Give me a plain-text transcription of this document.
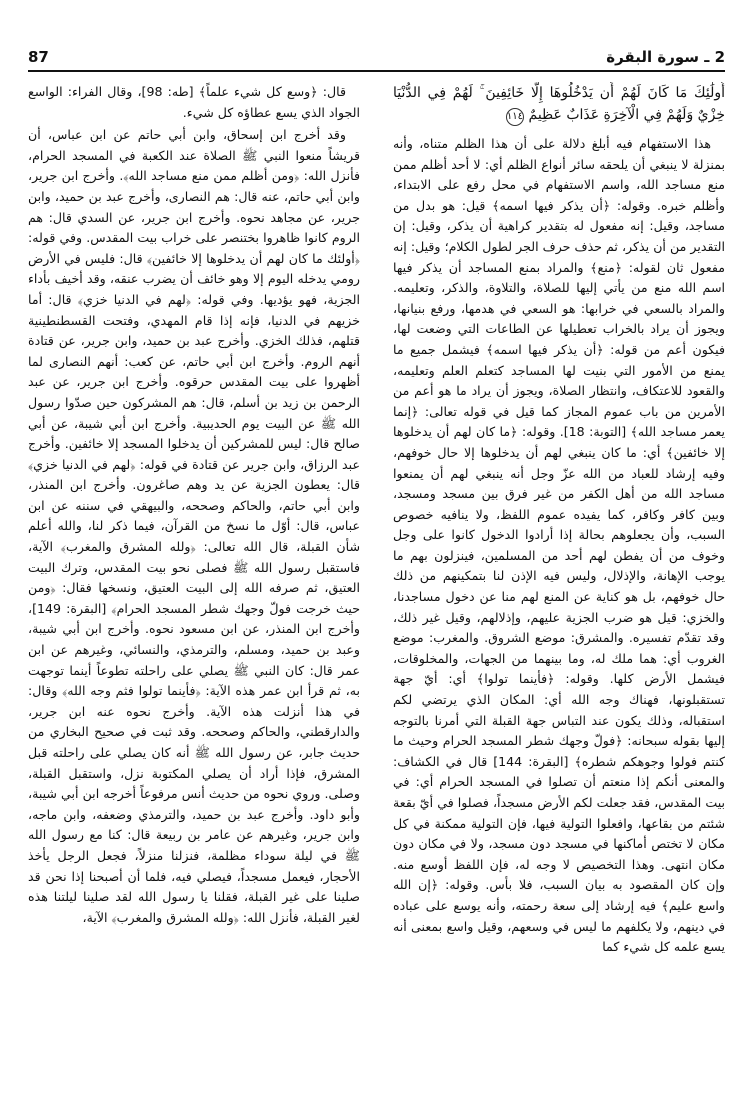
87	2 ـ سورة البقرة
أُولَٰئِكَ مَا كَانَ لَهُمْ أَن يَدْخُلُوهَا إِلَّا خَائِفِينَ ۚ لَهُمْ فِي الدُّنْيَا خِزْيٌ وَلَهُمْ فِي الْآخِرَةِ عَذَابٌ عَظِيمٌ ١١٤

هذا الاستفهام فيه أبلغ دلالة على أن هذا الظلم متناه، وأنه بمنزلة لا ينبغي أن يلحقه سائر أنواع الظلم أي: لا أحد أظلم ممن منع مساجد الله، واسم الاستفهام في محل رفع على الابتداء، وأظلم خبره. وقوله: ﴿أن يذكر فيها اسمه﴾ قيل: هو بدل من مساجد، وقيل: إنه مفعول له بتقدير كراهية أن يذكر، وقيل: إن التقدير من أن يذكر، ثم حذف حرف الجر لطول الكلام؛ وقيل: إنه مفعول ثان لقوله: ﴿منع﴾ والمراد بمنع المساجد أن يذكر فيها اسم الله منع من يأتي إليها للصلاة، والتلاوة، والذكر، وتعليمه. والمراد بالسعي في خرابها: هو السعي في هدمها، ورفع بنيانها، ويجوز أن يراد بالخراب تعطيلها عن الطاعات التي وضعت لها، فيكون أعم من قوله: ﴿أن يذكر فيها اسمه﴾ فيشمل جميع ما يمنع من الأمور التي بنيت لها المساجد كتعلم العلم وتعليمه، والقعود للاعتكاف، وانتظار الصلاة، ويجوز أن يراد ما هو أعم من الأمرين من باب عموم المجاز كما قيل في قوله تعالى: ﴿إنما يعمر مساجد الله﴾ [التوبة: 18]. وقوله: ﴿ما كان لهم أن يدخلوها إلا خائفين﴾ أي: ما كان ينبغي لهم أن يدخلوها إلا حال خوفهم، وفيه إرشاد للعباد من الله عزّ وجل أنه ينبغي لهم أن يمنعوا مساجد الله من أهل الكفر من غير فرق بين مسجد ومسجد، وبين كافر وكافر، كما يفيده عموم اللفظ، ولا ينافيه خصوص السبب، وأن يجعلوهم بحالة إذا أرادوا الدخول كانوا على وجل وخوف من أن يفطن لهم أحد من المسلمين، فينزلون بهم ما يوجب الإهانة، والإذلال، وليس فيه الإذن لنا بتمكينهم من ذلك حال خوفهم، بل هو كناية عن المنع لهم منا عن دخول مساجدنا، والخزي: قيل هو ضرب الجزية عليهم، وإذلالهم، وقيل غير ذلك، وقد تقدّم تفسيره. والمشرق: موضع الشروق. والمغرب: موضع الغروب أي: هما ملك له، وما بينهما من الجهات، والمخلوقات، فيشمل الأرض كلها. وقوله: ﴿فأينما تولوا﴾ أي: أيّ جهة تستقبلونها، فهناك وجه الله أي: المكان الذي يرتضي لكم استقباله، وذلك يكون عند التباس جهة القبلة التي أمرنا بالتوجه إليها بقوله سبحانه: ﴿فولّ وجهك شطر المسجد الحرام وحيث ما كنتم فولوا وجوهكم شطره﴾ [البقرة: 144] قال في الكشاف: والمعنى أنكم إذا منعتم أن تصلوا في المسجد الحرام أي: في بيت المقدس، فقد جعلت لكم الأرض مسجداً، فصلوا في أيّ بقعة شئتم من بقاعها، وافعلوا التولية فيها، فإن التولية ممكنة في كل مكان لا تختص أماكنها في مسجد دون مسجد، ولا في مكان دون مكان انتهى. وهذا التخصيص لا وجه له، فإن اللفظ أوسع منه. وإن كان المقصود به بيان السبب، فلا بأس. وقوله: ﴿إن الله واسع عليم﴾ فيه إرشاد إلى سعة رحمته، وأنه يوسع على عباده في دينهم، ولا يكلفهم ما ليس في وسعهم، وقيل واسع بمعنى أنه يسع علمه كل شيء كما

قال: ﴿وسع كل شيء علماً﴾ [طه: 98]، وقال الفراء: الواسع الجواد الذي يسع عطاؤه كل شيء.

وقد أخرج ابن إسحاق، وابن أبي حاتم عن ابن عباس، أن قريشاً منعوا النبي ﷺ الصلاة عند الكعبة في المسجد الحرام، فأنزل الله: ﴿ومن أظلم ممن منع مساجد الله﴾. وأخرج ابن جرير، وابن أبي حاتم، عنه قال: هم النصارى، وأخرج عبد بن حميد، وابن جرير، عن مجاهد نحوه. وأخرج ابن جرير، عن السدي قال: هم الروم كانوا ظاهروا بختنصر على خراب بيت المقدس. وفي قوله: ﴿أولئك ما كان لهم أن يدخلوها إلا خائفين﴾ قال: فليس في الأرض رومي يدخله اليوم إلا وهو خائف أن يضرب عنقه، وقد أخيف بأداء الجزية، فهو يؤديها. وفي قوله: ﴿لهم في الدنيا خزي﴾ قال: أما خزيهم في الدنيا، فإنه إذا قام المهدي، وفتحت القسطنطينية قتلهم، فذلك الخزي. وأخرج عبد بن حميد، وابن جرير، عن قتادة أنهم الروم. وأخرج ابن أبي حاتم، عن كعب: أنهم النصارى لما أظهروا على بيت المقدس حرقوه. وأخرج ابن جرير، عن عبد الرحمن بن زيد بن أسلم، قال: هم المشركون حين صدّوا رسول الله ﷺ عن البيت يوم الحديبية. وأخرج ابن أبي شيبة، عن أبي صالح قال: ليس للمشركين أن يدخلوا المسجد إلا خائفين. وأخرج عبد الرزاق، وابن جرير عن قتادة في قوله: ﴿لهم في الدنيا خزي﴾ قال: يعطون الجزية عن يد وهم صاغرون. وأخرج ابن المنذر، وابن أبي حاتم، والحاكم وصححه، والبيهقي في سننه عن ابن عباس، قال: أوّل ما نسخ من القرآن، فيما ذكر لنا، والله أعلم شأن القبلة، قال الله تعالى: ﴿ولله المشرق والمغرب﴾ الآية، فاستقبل رسول الله ﷺ فصلى نحو بيت المقدس، وترك البيت العتيق، ثم صرفه الله إلى البيت العتيق، ونسخها فقال: ﴿ومن حيث خرجت فولّ وجهك شطر المسجد الحرام﴾ [البقرة: 149]، وأخرج ابن المنذر، عن ابن مسعود نحوه. وأخرج ابن أبي شيبة، وعبد بن حميد، ومسلم، والترمذي، والنسائي، وغيرهم عن ابن عمر قال: كان النبي ﷺ يصلي على راحلته تطوعاً أينما توجهت به، ثم قرأ ابن عمر هذه الآية: ﴿فأينما تولوا فثم وجه الله﴾ وقال: في هذا أنزلت هذه الآية. وأخرج نحوه عنه ابن جرير، والدارقطني، والحاكم وصححه. وقد ثبت في صحيح البخاري من حديث جابر، عن رسول الله ﷺ أنه كان يصلي على راحلته قبل المشرق، فإذا أراد أن يصلي المكتوبة نزل، واستقبل القبلة، وصلى. وروي نحوه من حديث أنس مرفوعاً أخرجه ابن أبي شيبة، وأبو داود. وأخرج عبد بن حميد، والترمذي وضعفه، وابن ماجه، وابن جرير، وغيرهم عن عامر بن ربيعة قال: كنا مع رسول الله ﷺ في ليلة سوداء مظلمة، فنزلنا منزلاً، فجعل الرجل يأخذ الأحجار، فيعمل مسجداً، فيصلي فيه، فلما أن أصبحنا إذا نحن قد صلينا على غير القبلة، فقلنا يا رسول الله لقد صلينا ليلتنا هذه لغير القبلة، فأنزل الله: ﴿ولله المشرق والمغرب﴾ الآية،
